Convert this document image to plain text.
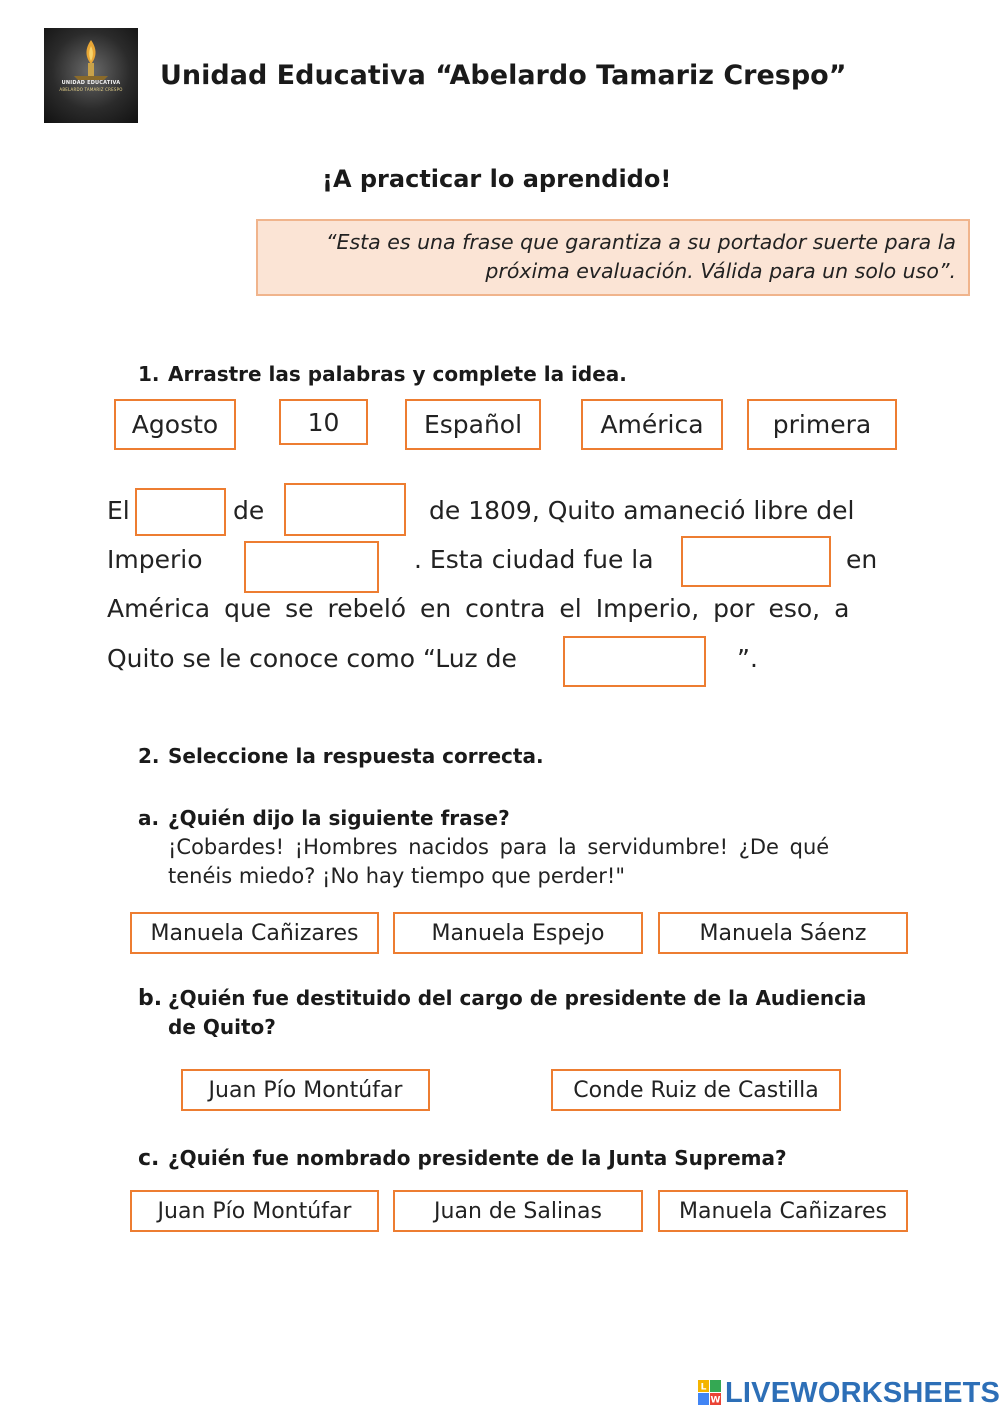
UNIDAD EDUCATIVA
ABELARDO TAMARIZ CRESPO	Unidad Educativa “Abelardo Tamariz Crespo”
¡A practicar lo aprendido!
“Esta es una frase que garantiza a su portador suerte para la
próxima evaluación. Válida para un solo uso”.
1. Arrastre las palabras y complete la idea.
Agosto	10	Español	América	primera
El	de	de 1809, Quito amaneció libre del
Imperio	. Esta ciudad fue la	en
América que se rebeló en contra el Imperio, por eso, a
Quito se le conoce como “Luz de	”.
2. Seleccione la respuesta correcta.
a. ¿Quién dijo la siguiente frase?
¡Cobardes! ¡Hombres nacidos para la servidumbre! ¿De qué
tenéis miedo? ¡No hay tiempo que perder!"
Manuela Cañizares	Manuela Espejo	Manuela Sáenz
b. ¿Quién fue destituido del cargo de presidente de la Audiencia
de Quito?
Juan Pío Montúfar	Conde Ruiz de Castilla
c. ¿Quién fue nombrado presidente de la Junta Suprema?
Juan Pío Montúfar	Juan de Salinas	Manuela Cañizares
L
W LIVEWORKSHEETS
